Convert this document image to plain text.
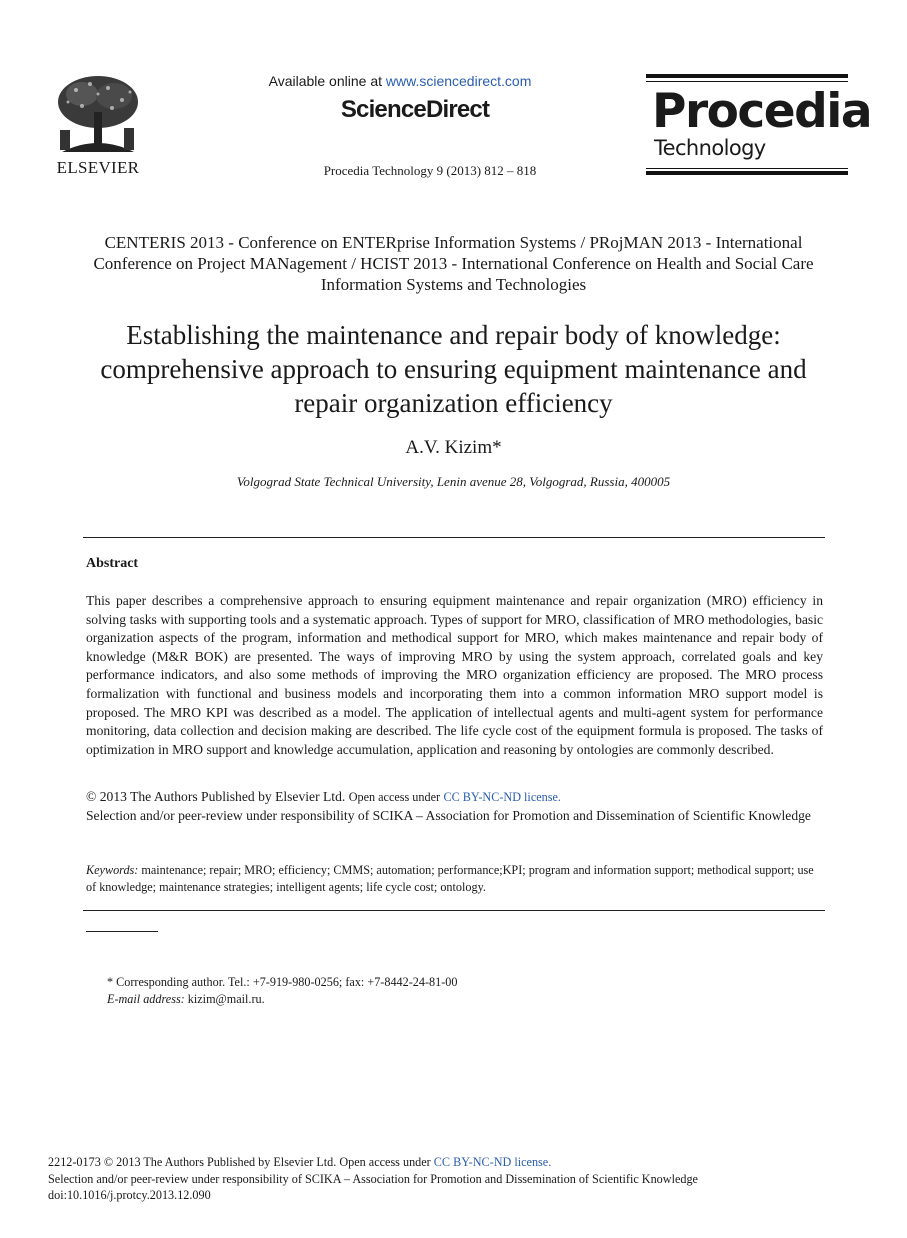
ELSEVIER
Available online at www.sciencedirect.com
ScienceDirect
Procedia Technology 9 (2013) 812 – 818
Procedia
Technology
CENTERIS 2013 - Conference on ENTERprise Information Systems / PRojMAN 2013 - International Conference on Project MANagement / HCIST 2013 - International Conference on Health and Social Care Information Systems and Technologies
Establishing the maintenance and repair body of knowledge: comprehensive approach to ensuring equipment maintenance and repair organization efficiency
A.V. Kizim*
Volgograd State Technical University, Lenin avenue 28, Volgograd, Russia, 400005
Abstract
This paper describes a comprehensive approach to ensuring equipment maintenance and repair organization (MRO) efficiency in solving tasks with supporting tools and a systematic approach. Types of support for MRO, classification of MRO methodologies, basic organization aspects of the program, information and methodical support for MRO, which makes maintenance and repair body of knowledge (M&R BOK) are presented. The ways of improving MRO by using the system approach, correlated goals and key performance indicators, and also some methods of improving the MRO organization efficiency are proposed. The MRO process formalization with functional and business models and incorporating them into a common information MRO support model is proposed. The MRO KPI was described as a model. The application of intellectual agents and multi-agent system for performance monitoring, data collection and decision making are described. The life cycle cost of the equipment formula is proposed. The tasks of optimization in MRO support and knowledge accumulation, application and reasoning by ontologies are commonly described.
© 2013 The Authors Published by Elsevier Ltd. Open access under CC BY-NC-ND license.
Selection and/or peer-review under responsibility of SCIKA – Association for Promotion and Dissemination of Scientific Knowledge
Keywords: maintenance; repair; MRO; efficiency; CMMS; automation; performance;KPI; program and information support; methodical support; use of knowledge; maintenance strategies; intelligent agents; life cycle cost; ontology.
* Corresponding author. Tel.: +7-919-980-0256; fax: +7-8442-24-81-00
E-mail address: kizim@mail.ru.
2212-0173 © 2013 The Authors Published by Elsevier Ltd. Open access under CC BY-NC-ND license.
Selection and/or peer-review under responsibility of SCIKA – Association for Promotion and Dissemination of Scientific Knowledge
doi:10.1016/j.protcy.2013.12.090
